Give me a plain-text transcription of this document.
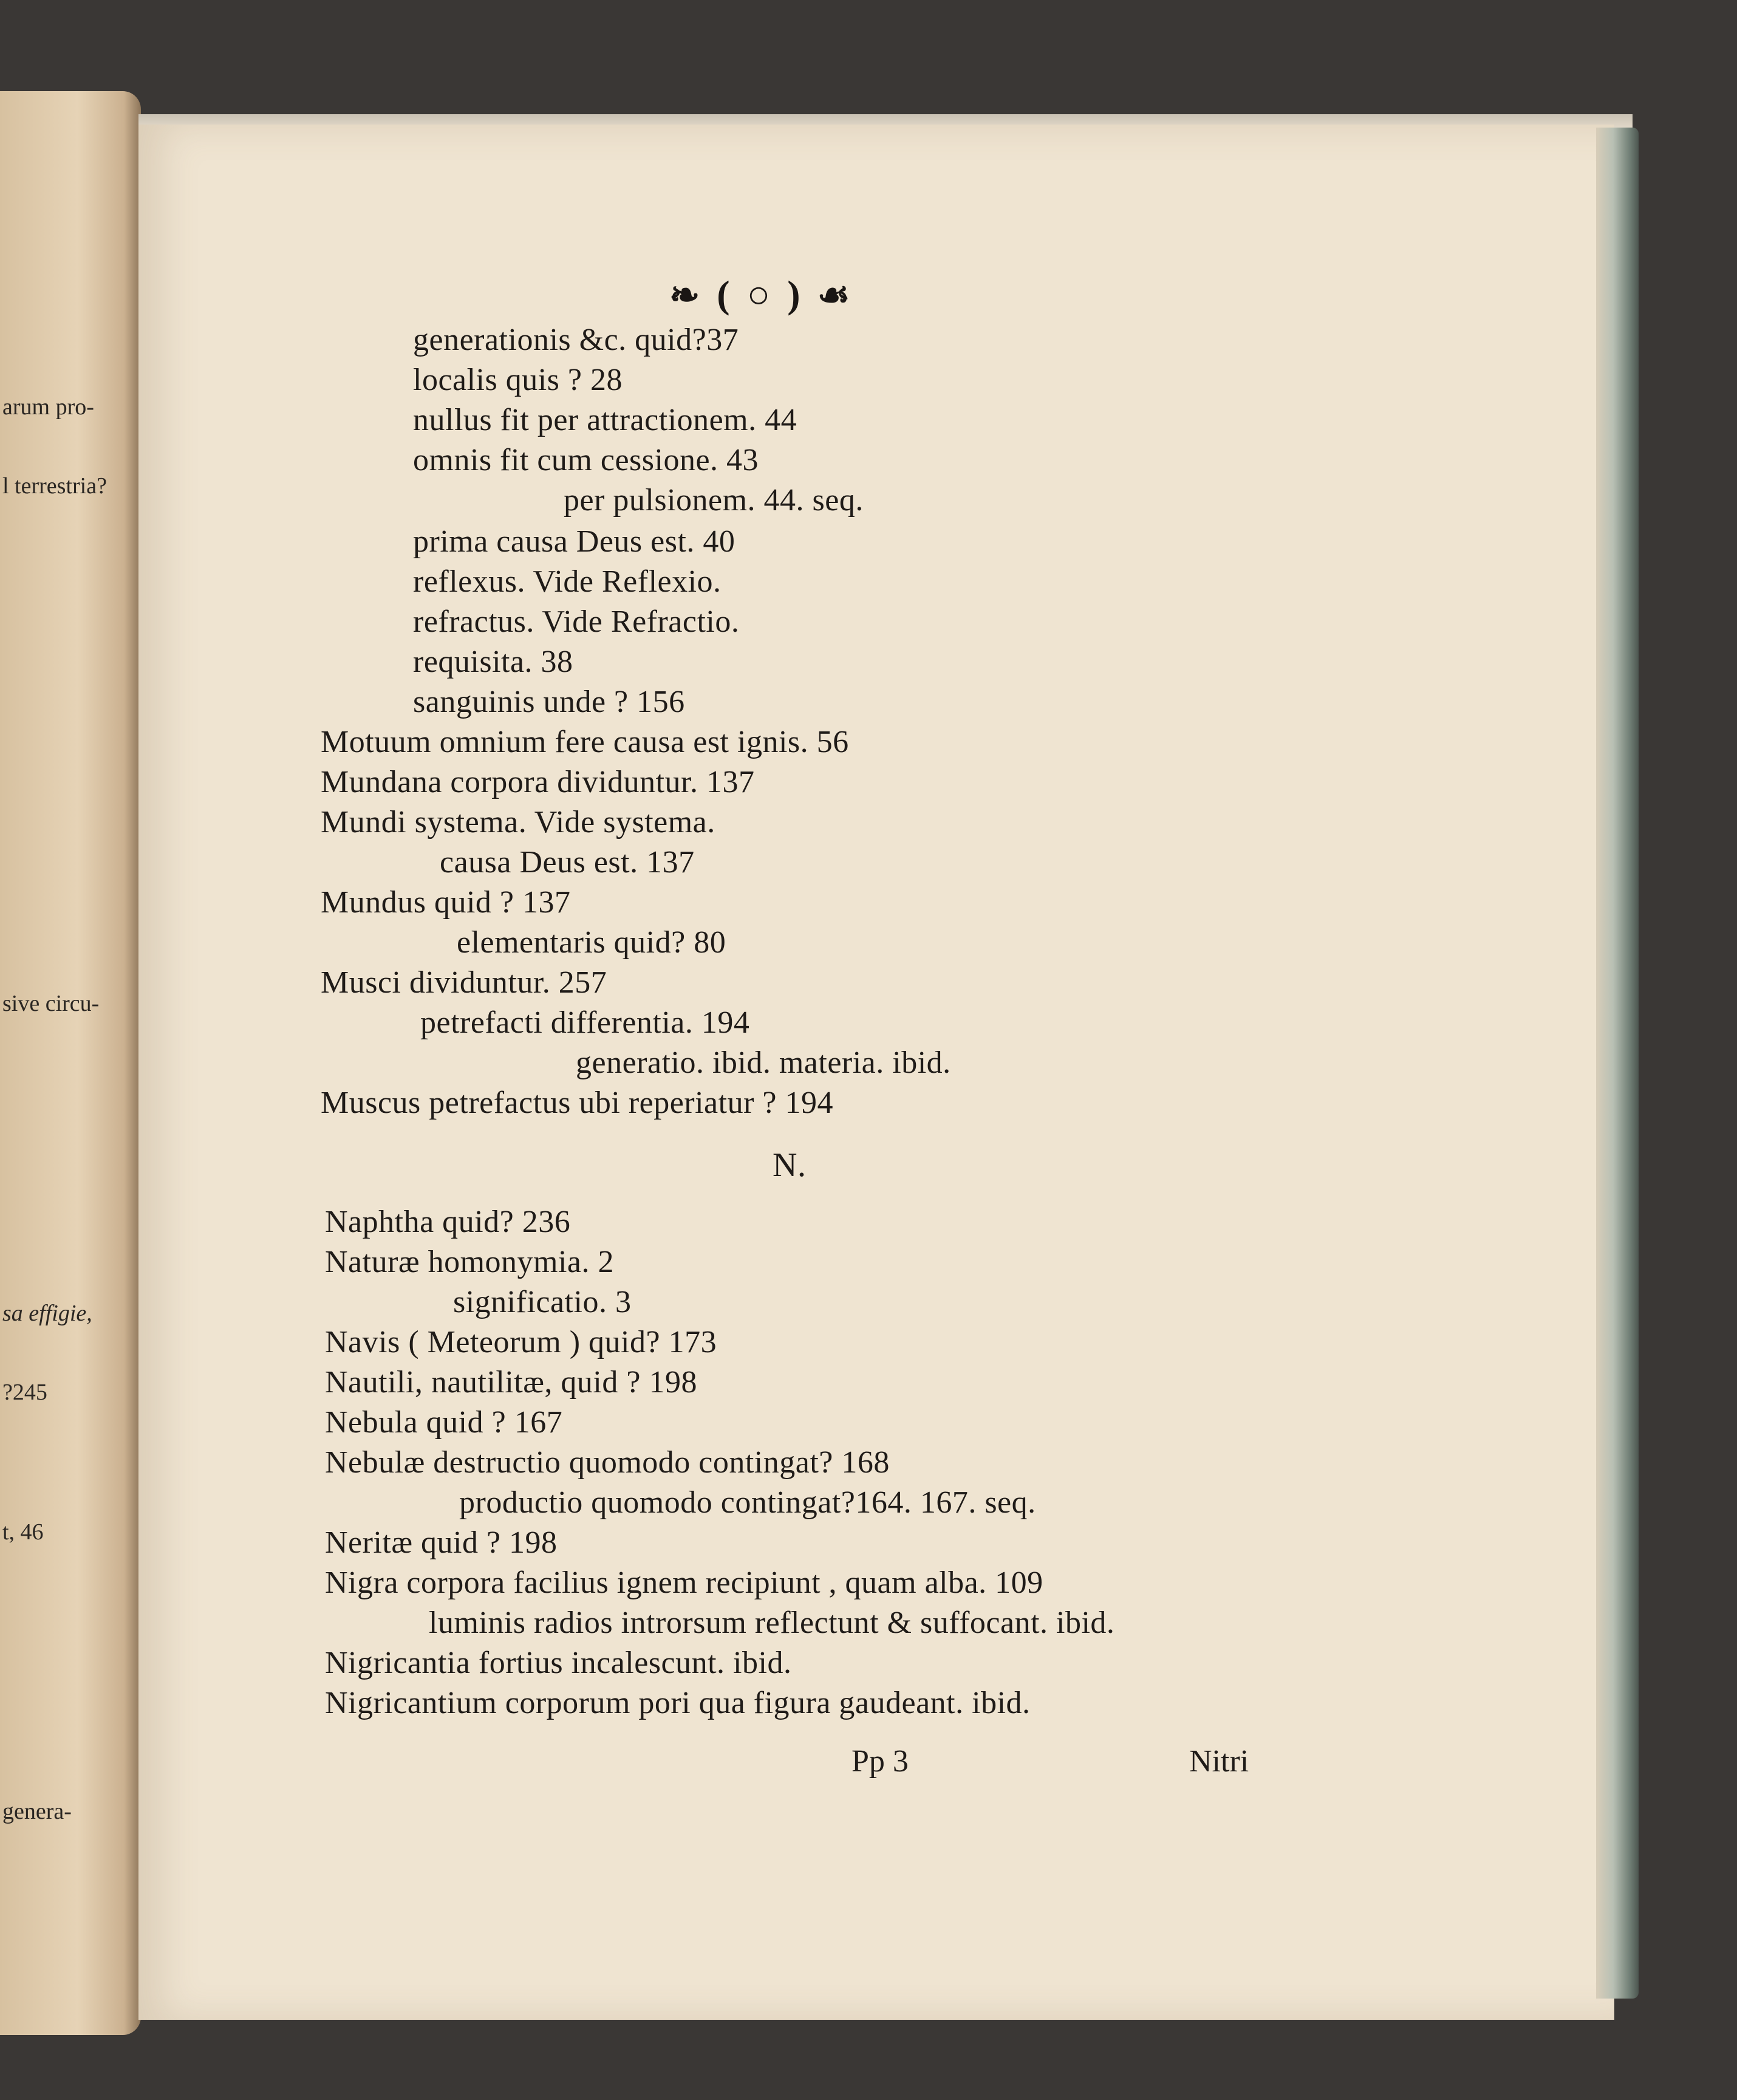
arum pro-
l terrestria?
sive circu-
sa effigie,
?245
t, 46
genera-
❧ ( ○ ) ☙
generationis &c. quid?37
localis quis ? 28
nullus fit per attractionem. 44
omnis fit cum cessione. 43
per pulsionem. 44. seq.
prima causa Deus est. 40
reflexus. Vide Reflexio.
refractus. Vide Refractio.
requisita. 38
sanguinis unde ? 156
Motuum omnium fere causa est ignis. 56
Mundana corpora dividuntur. 137
Mundi systema. Vide systema.
causa Deus est. 137
Mundus quid ? 137
elementaris quid? 80
Musci dividuntur. 257
petrefacti differentia. 194
generatio. ibid. materia. ibid.
Muscus petrefactus ubi reperiatur ? 194
N.
Naphtha quid? 236
Naturæ homonymia. 2
significatio. 3
Navis ( Meteorum ) quid? 173
Nautili, nautilitæ, quid ? 198
Nebula quid ? 167
Nebulæ destructio quomodo contingat? 168
productio quomodo contingat?164. 167. seq.
Neritæ quid ? 198
Nigra corpora facilius ignem recipiunt , quam alba. 109
luminis radios introrsum reflectunt & suffocant. ibid.
Nigricantia fortius incalescunt. ibid.
Nigricantium corporum pori qua figura gaudeant. ibid.
Pp 3	Nitri
